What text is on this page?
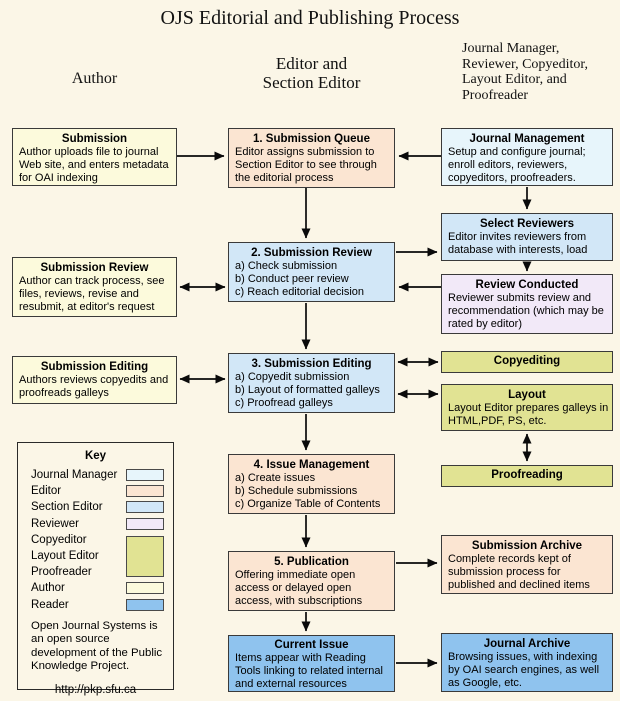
OJS Editorial and Publishing Process
Author
Editor and
Section Editor
Journal Manager,
Reviewer, Copyeditor,
Layout Editor, and
Proofreader
Submission
Author uploads file to journal Web site, and enters metadata for OAI indexing
Submission Review
Author can track process, see files, reviews, revise and resubmit, at editor's request
Submission Editing
Authors reviews copyedits and proofreads galleys
1. Submission Queue
Editor assigns submission to Section Editor to see through the editorial process
2. Submission Review
a) Check submission
b) Conduct peer review
c) Reach editorial decision
3. Submission Editing
a) Copyedit submission
b) Layout of formatted galleys
c) Proofread galleys
4. Issue Management
a) Create issues
b) Schedule submissions
c) Organize Table of Contents
5. Publication
Offering immediate open access or delayed open access, with subscriptions
Current Issue
Items appear with Reading Tools linking to related internal and external resources
Journal Management
Setup and configure journal; enroll editors, reviewers, copyeditors, proofreaders.
Select Reviewers
Editor invites reviewers from database with interests, load
Review Conducted
Reviewer submits review and recommendation (which may be rated by editor)
Copyediting
Layout
Layout Editor prepares galleys in HTML,PDF, PS, etc.
Proofreading
Submission Archive
Complete records kept of submission process for published and declined items
Journal Archive
Browsing issues, with indexing by OAI search engines, as well as Google, etc.
Key
Journal Manager
Editor
Section Editor
Reviewer
Copyeditor
Layout Editor
Proofreader
Author
Reader
Open Journal Systems is an open source development of the Public Knowledge Project.
http://pkp.sfu.ca
